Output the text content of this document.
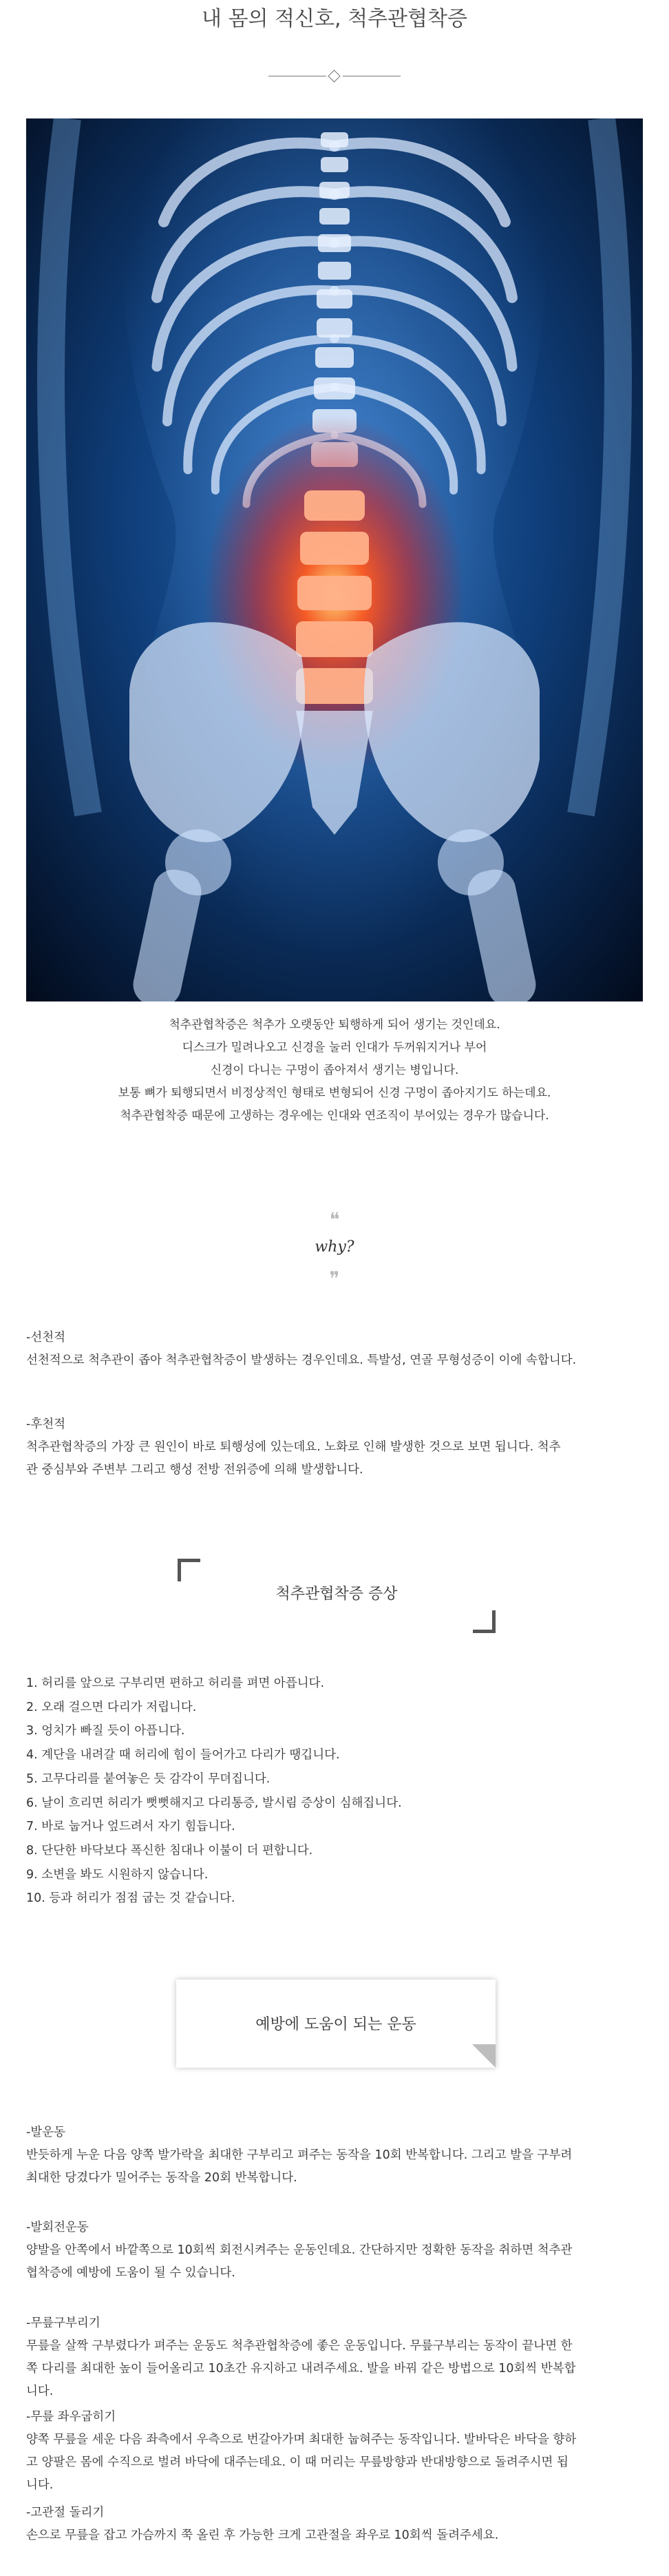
내 몸의 적신호, 척추관협착증

척추관협착증은 척추가 오랫동안 퇴행하게 되어 생기는 것인데요.

디스크가 밀려나오고 신경을 눌러 인대가 두꺼워지거나 부어

신경이 다니는 구멍이 좁아져서 생기는 병입니다.

보통 뼈가 퇴행되면서 비정상적인 형태로 변형되어 신경 구멍이 좁아지기도 하는데요.

척추관협착증 때문에 고생하는 경우에는 인대와 연조직이 부어있는 경우가 많습니다.

❝
why?
❞

-선천적

선천적으로 척추관이 좁아 척추관협착증이 발생하는 경우인데요. 특발성, 연골 무형성증이 이에 속합니다.

-후천적

척추관협착증의 가장 큰 원인이 바로 퇴행성에 있는데요. 노화로 인해 발생한 것으로 보면 됩니다. 척추

관 중심부와 주변부 그리고 행성 전방 전위증에 의해 발생합니다.

척추관협착증 증상
1. 허리를 앞으로 구부리면 편하고 허리를 펴면 아픕니다.
2. 오래 걸으면 다리가 저립니다.
3. 엉치가 빠질 듯이 아픕니다.
4. 계단을 내려갈 때 허리에 힘이 들어가고 다리가 땡깁니다.
5. 고무다리를 붙여놓은 듯 감각이 무뎌집니다.
6. 날이 흐리면 허리가 뻣뻣해지고 다리통증, 발시림 증상이 심해집니다.
7. 바로 눕거나 엎드려서 자기 힘듭니다.
8. 단단한 바닥보다 폭신한 침대나 이불이 더 편합니다.
9. 소변을 봐도 시원하지 않습니다.
10. 등과 허리가 점점 굽는 것 같습니다.
예방에 도움이 되는 운동

-발운동

반듯하게 누운 다음 양쪽 발가락을 최대한 구부리고 펴주는 동작을 10회 반복합니다. 그리고 발을 구부려

최대한 당겼다가 밀어주는 동작을 20회 반복합니다.

-발회전운동

양발을 안쪽에서 바깥쪽으로 10회씩 회전시켜주는 운동인데요. 간단하지만 정확한 동작을 취하면 척추관

협착증에 예방에 도움이 될 수 있습니다.

-무릎구부리기

무릎을 살짝 구부렸다가 펴주는 운동도 척추관협착증에 좋은 운동입니다. 무릎구부리는 동작이 끝나면 한

쪽 다리를 최대한 높이 들어올리고 10초간 유지하고 내려주세요. 발을 바꿔 같은 방법으로 10회씩 반복합

니다.

-무릎 좌우굽히기

양쪽 무릎을 세운 다음 좌측에서 우측으로 번갈아가며 최대한 눕혀주는 동작입니다. 발바닥은 바닥을 향하

고 양팔은 몸에 수직으로 벌려 바닥에 대주는데요. 이 때 머리는 무릎방향과 반대방향으로 돌려주시면 됩

니다.

-고관절 돌리기

손으로 무릎을 잡고 가슴까지 쭉 올린 후 가능한 크게 고관절을 좌우로 10회씩 돌려주세요.
